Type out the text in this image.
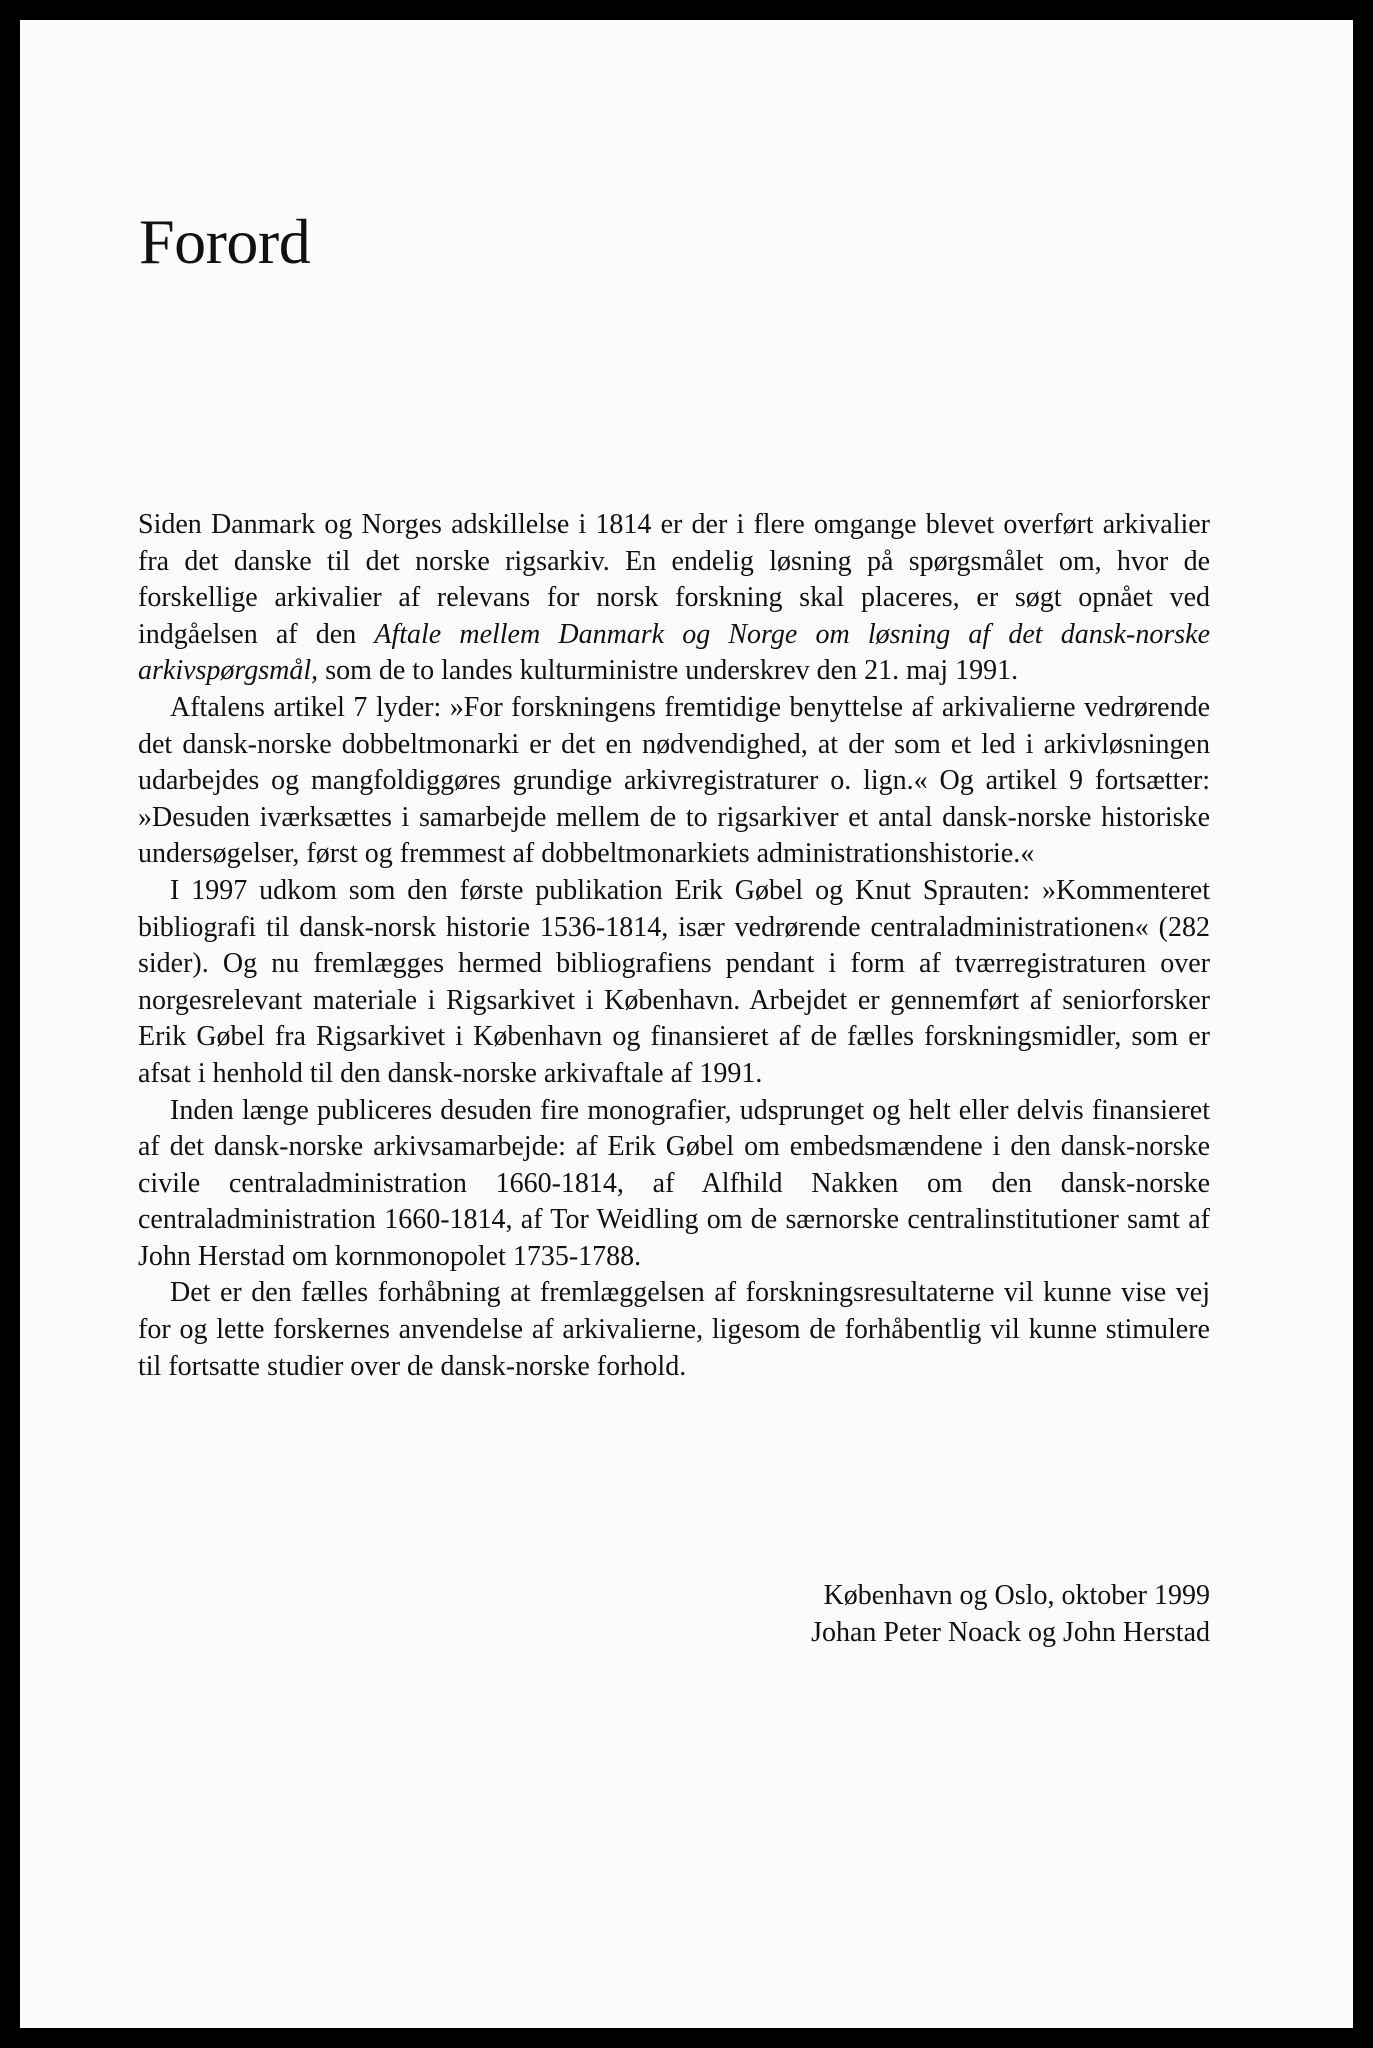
Forord

Siden Danmark og Norges adskillelse i 1814 er der i flere omgange blevet overført arkivalier fra det danske til det norske rigsarkiv. En endelig løsning på spørgsmålet om, hvor de forskellige arkivalier af relevans for norsk forskning skal placeres, er søgt opnået ved indgåelsen af den Aftale mellem Danmark og Norge om løsning af det dansk-norske arkivspørgsmål, som de to landes kulturministre underskrev den 21. maj 1991.

Aftalens artikel 7 lyder: »For forskningens fremtidige benyttelse af arkivalierne vedrørende det dansk-norske dobbeltmonarki er det en nødvendighed, at der som et led i arkivløsningen udarbejdes og mangfoldiggøres grundige arkivregistraturer o. lign.« Og artikel 9 fortsætter: »Desuden iværksættes i samarbejde mellem de to rigsarkiver et antal dansk-norske historiske undersøgelser, først og fremmest af dobbeltmonarkiets administrationshistorie.«

I 1997 udkom som den første publikation Erik Gøbel og Knut Sprauten: »Kommenteret bibliografi til dansk-norsk historie 1536-1814, især vedrørende centraladministrationen« (282 sider). Og nu fremlægges hermed bibliografiens pendant i form af tværregistraturen over norgesrelevant materiale i Rigsarkivet i København. Arbejdet er gennemført af seniorforsker Erik Gøbel fra Rigsarkivet i København og finansieret af de fælles forskningsmidler, som er afsat i henhold til den dansk-norske arkivaftale af 1991.

Inden længe publiceres desuden fire monografier, udsprunget og helt eller delvis finansieret af det dansk-norske arkivsamarbejde: af Erik Gøbel om embedsmændene i den dansk-norske civile centraladministration 1660-1814, af Alfhild Nakken om den dansk-norske centraladministration 1660-1814, af Tor Weidling om de særnorske centralinstitutioner samt af John Herstad om kornmonopolet 1735-1788.

Det er den fælles forhåbning at fremlæggelsen af forskningsresultaterne vil kunne vise vej for og lette forskernes anvendelse af arkivalierne, ligesom de forhåbentlig vil kunne stimulere til fortsatte studier over de dansk-norske forhold.

København og Oslo, oktober 1999
Johan Peter Noack og John Herstad
